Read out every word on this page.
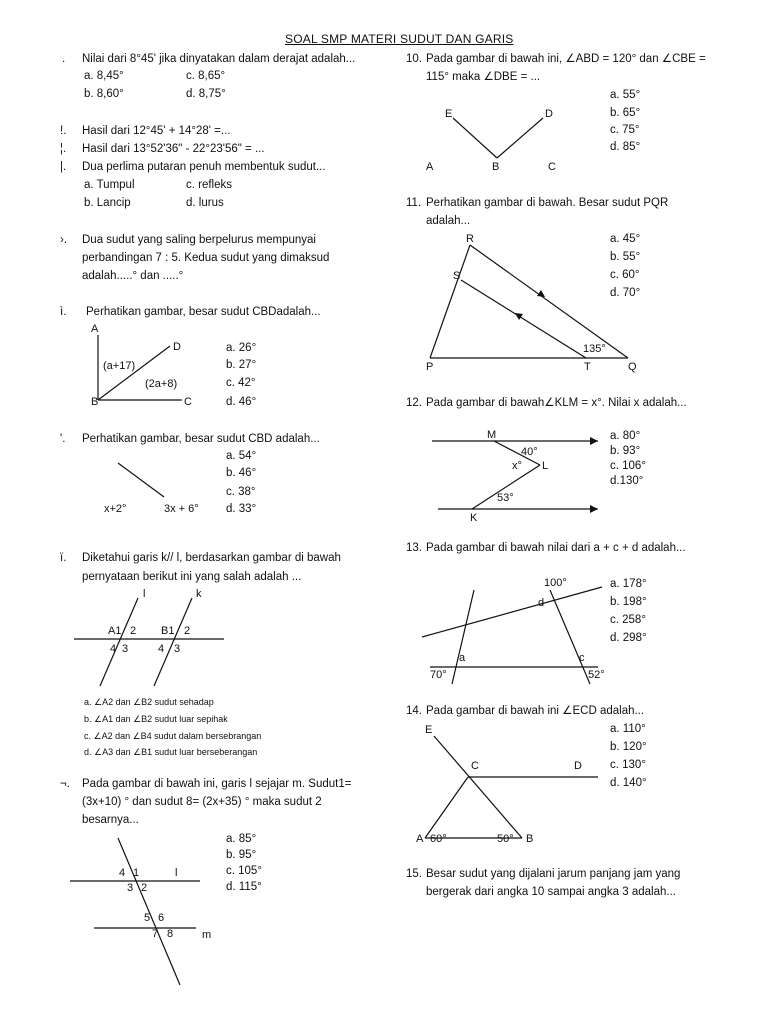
SOAL SMP MATERI SUDUT DAN GARIS
. Nilai dari 8°45' jika dinyatakan dalam derajat adalah...
a. 8,45°	c. 8,65°
b. 8,60°	d. 8,75°
!. Hasil dari 12°45' + 14°28' =...
¦. Hasil dari 13°52'36" - 22°23'56" = ...
|. Dua perlima putaran penuh membentuk sudut...
a. Tumpul	c. refleks
b. Lancip	d. lurus
›. Dua sudut yang saling berpelurus mempunyai
perbandingan 7 : 5. Kedua sudut yang dimaksud
adalah.....° dan .....°
ì. Perhatikan gambar, besar sudut CBDadalah...
a. 26°
b. 27°
c. 42°
d. 46°
'. Perhatikan gambar, besar sudut CBD adalah...
a. 54°
b. 46°
c. 38°
d. 33°
ï. Diketahui garis k// l, berdasarkan gambar di bawah
pernyataan berikut ini yang salah adalah ...
a. ∠A2 dan ∠B2 sudut sehadap
b. ∠A1 dan ∠B2 sudut luar sepihak
c. ∠A2 dan ∠B4 sudut dalam bersebrangan
d. ∠A3 dan ∠B1 sudut luar berseberangan
¬. Pada gambar di bawah ini, garis l sejajar m. Sudut1=
(3x+10) ° dan sudut 8= (2x+35) ° maka sudut 2
besarnya...
a. 85°
b. 95°
c. 105°
d. 115°
10. Pada gambar di bawah ini, ∠ABD = 120° dan ∠CBE =
115° maka ∠DBE = ...
a. 55°
b. 65°
c. 75°
d. 85°
11. Perhatikan gambar di bawah. Besar sudut PQR
adalah...
a. 45°
b. 55°
c. 60°
d. 70°
12. Pada gambar di bawah∠KLM = x°. Nilai x adalah...
a. 80°
b. 93°
c. 106°
d.130°
13. Pada gambar di bawah nilai dari a + c + d adalah...
a. 178°
b. 198°
c. 258°
d. 298°
14. Pada gambar di bawah ini ∠ECD adalah...
a. 110°
b. 120°
c. 130°
d. 140°
15. Besar sudut yang dijalani jarum panjang jam yang
bergerak dari angka 10 sampai angka 3 adalah...
A
B	C
D
(a+17)
(2a+8)
x+2°	3x + 6°
l	k
A1 2
4 3
B1 2
4 3
4 1
3 2
5 6
7 8
l
m
E	D
A	B	C
R
S
P	T	Q
135°
M
L
K
40°
x°
53°
100°
d
a	c
70°	52°
E
C	D
A	B
60°	50°
